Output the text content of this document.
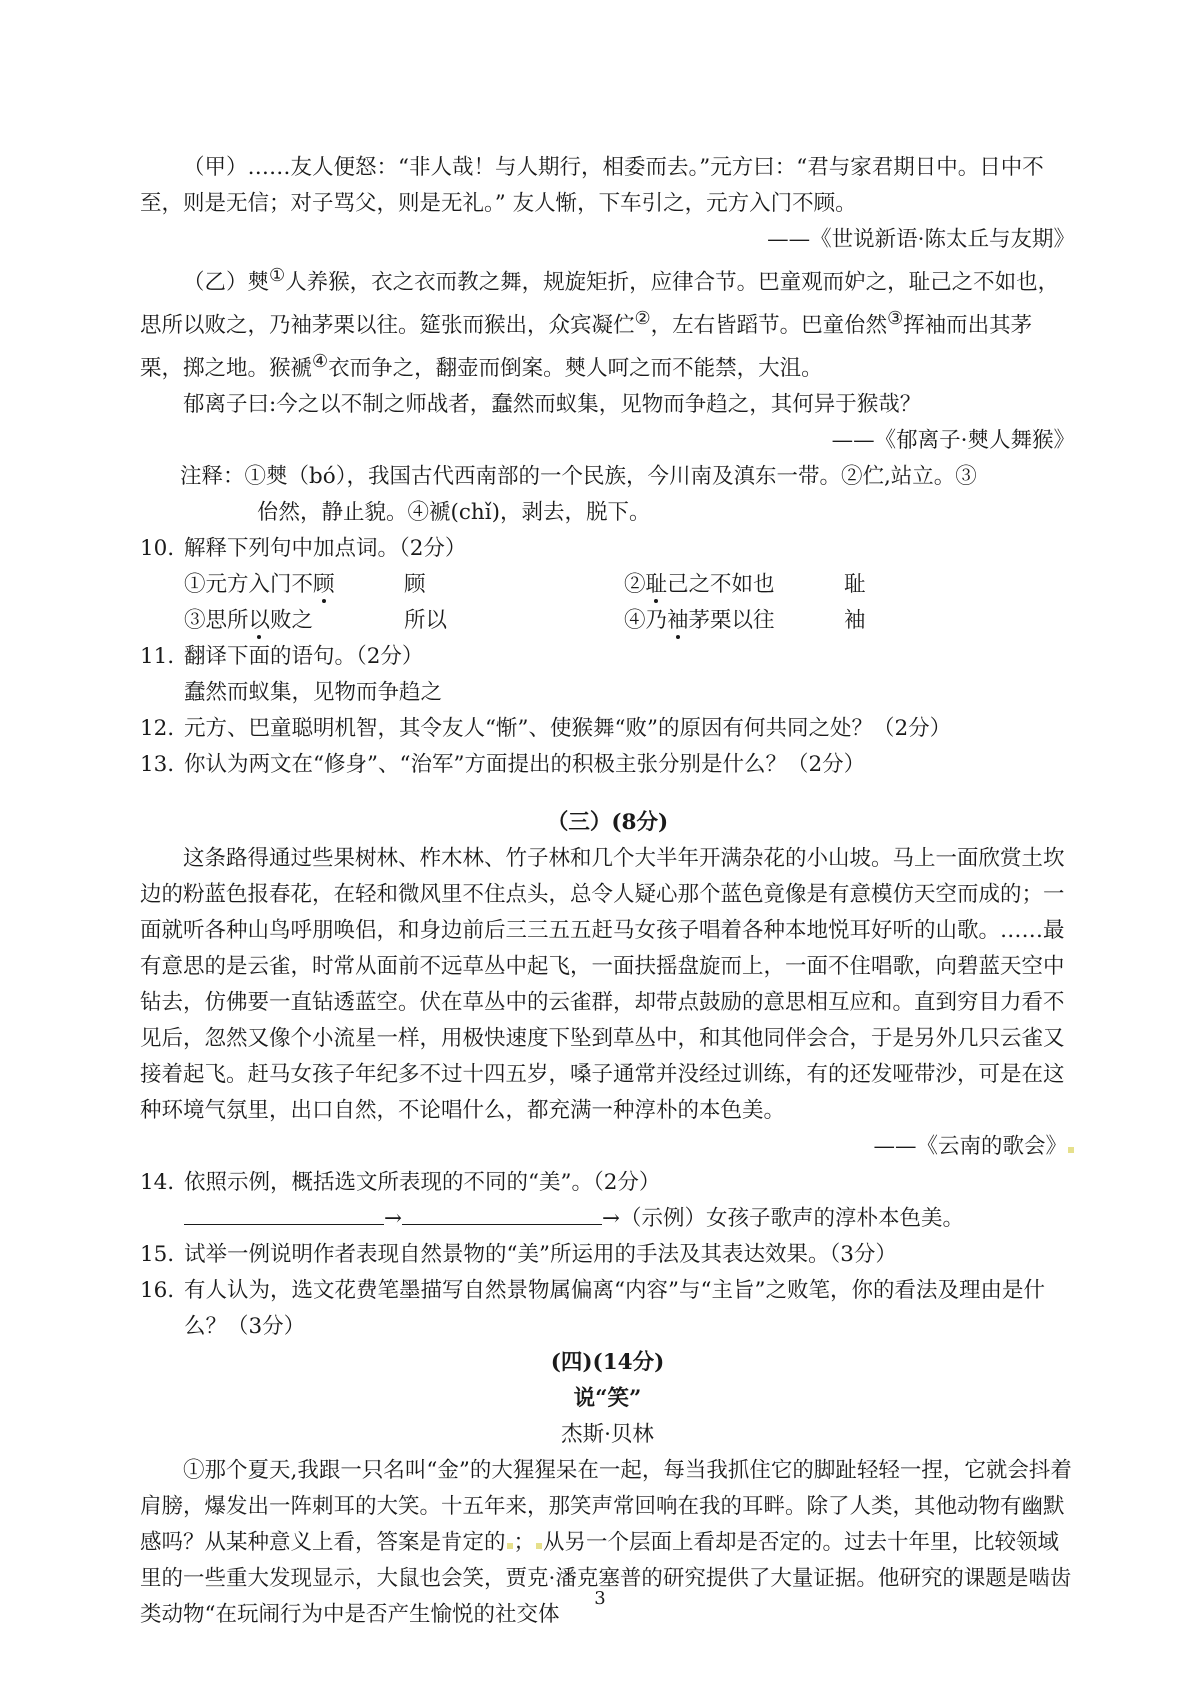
（甲）……友人便怒：“非人哉！与人期行，相委而去。”元方曰：“君与家君期日中。日中不至，则是无信；对子骂父，则是无礼。” 友人惭，下车引之，元方入门不顾。

——《世说新语·陈太丘与友期》

（乙）僰①人养猴，衣之衣而教之舞，规旋矩折，应律合节。巴童观而妒之，耻己之不如也，思所以败之，乃袖茅栗以往。筵张而猴出，众宾凝伫②，左右皆蹈节。巴童佁然③挥袖而出其茅栗，掷之地。猴褫④衣而争之，翻壶而倒案。僰人呵之而不能禁，大沮。

郁离子曰:今之以不制之师战者，蠢然而蚁集，见物而争趋之，其何异于猴哉？

——《郁离子·僰人舞猴》

注释：①僰（bó），我国古代西南部的一个民族，今川南及滇东一带。②伫,站立。③

佁然，静止貌。④褫(chǐ)，剥去，脱下。

10．
解释下列句中加点词。（2分）
①元方入门不顾	顾	②耻己之不如也	耻
③思所以败之	所以	④乃袖茅栗以往	袖
11．
翻译下面的语句。（2分）

蠢然而蚁集，见物而争趋之

12．
元方、巴童聪明机智，其令友人“惭”、使猴舞“败”的原因有何共同之处？（2分）
13．
你认为两文在“修身”、“治军”方面提出的积极主张分别是什么？（2分）

（三）(8分)

这条路得通过些果树林、柞木林、竹子林和几个大半年开满杂花的小山坡。马上一面欣赏土坎边的粉蓝色报春花，在轻和微风里不住点头，总令人疑心那个蓝色竟像是有意模仿天空而成的；一面就听各种山鸟呼朋唤侣，和身边前后三三五五赶马女孩子唱着各种本地悦耳好听的山歌。……最有意思的是云雀，时常从面前不远草丛中起飞，一面扶摇盘旋而上，一面不住唱歌，向碧蓝天空中钻去，仿佛要一直钻透蓝空。伏在草丛中的云雀群，却带点鼓励的意思相互应和。直到穷目力看不见后，忽然又像个小流星一样，用极快速度下坠到草丛中，和其他同伴会合，于是另外几只云雀又接着起飞。赶马女孩子年纪多不过十四五岁，嗓子通常并没经过训练，有的还发哑带沙，可是在这种环境气氛里，出口自然，不论唱什么，都充满一种淳朴的本色美。

——《云南的歌会》

14．
依照示例，概括选文所表现的不同的“美”。（2分）

→	→（示例）女孩子歌声的淳朴本色美。

15．
试举一例说明作者表现自然景物的“美”所运用的手法及其表达效果。（3分）
16．
有人认为，选文花费笔墨描写自然景物属偏离“内容”与“主旨”之败笔，你的看法及理由是什么？（3分）

(四)(14分)

说“笑”

杰斯·贝林

①那个夏天,我跟一只名叫“金”的大猩猩呆在一起，每当我抓住它的脚趾轻轻一捏，它就会抖着肩膀，爆发出一阵刺耳的大笑。十五年来，那笑声常回响在我的耳畔。除了人类，其他动物有幽默感吗？从某种意义上看，答案是肯定的 ； 从另一个层面上看却是否定的。过去十年里，比较领域里的一些重大发现显示，大鼠也会笑，贾克·潘克塞普的研究提供了大量证据。他研究的课题是啮齿类动物“在玩闹行为中是否产生愉悦的社交体

3
